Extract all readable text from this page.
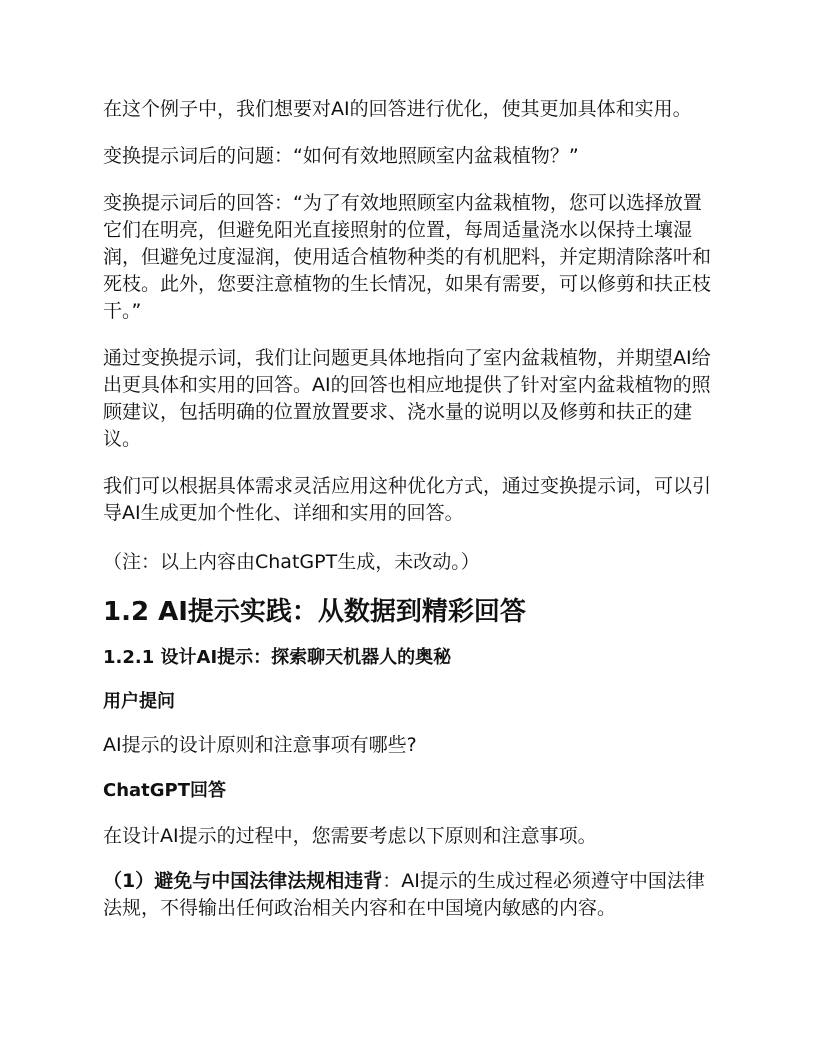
在这个例子中，我们想要对AI的回答进行优化，使其更加具体和实用。

变换提示词后的问题：“如何有效地照顾室内盆栽植物？”

变换提示词后的回答：“为了有效地照顾室内盆栽植物，您可以选择放置它们在明亮，但避免阳光直接照射的位置，每周适量浇水以保持土壤湿润，但避免过度湿润，使用适合植物种类的有机肥料，并定期清除落叶和死枝。此外，您要注意植物的生长情况，如果有需要，可以修剪和扶正枝干。”

通过变换提示词，我们让问题更具体地指向了室内盆栽植物，并期望AI给出更具体和实用的回答。AI的回答也相应地提供了针对室内盆栽植物的照顾建议，包括明确的位置放置要求、浇水量的说明以及修剪和扶正的建议。

我们可以根据具体需求灵活应用这种优化方式，通过变换提示词，可以引导AI生成更加个性化、详细和实用的回答。

（注：以上内容由ChatGPT生成，未改动。）

1.2 AI提示实践：从数据到精彩回答
1.2.1 设计AI提示：探索聊天机器人的奥秘
用户提问

AI提示的设计原则和注意事项有哪些?

ChatGPT回答

在设计AI提示的过程中，您需要考虑以下原则和注意事项。

（1）避免与中国法律法规相违背：AI提示的生成过程必须遵守中国法律法规，不得输出任何政治相关内容和在中国境内敏感的内容。
